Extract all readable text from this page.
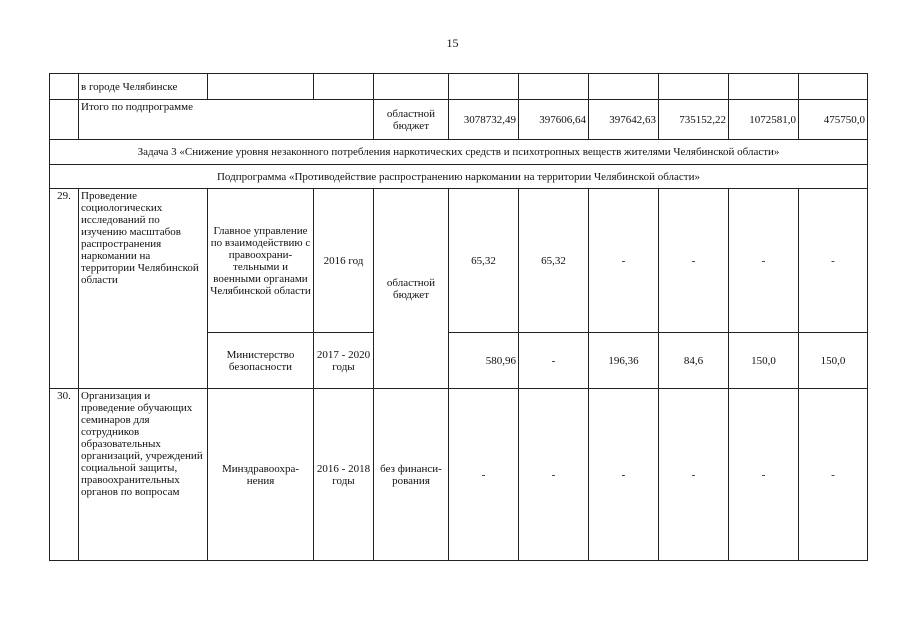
15
	в городе Челябинске									
	Итого по подпрограмме			областной бюджет	3078732,49	397606,64	397642,63	735152,22	1072581,0	475750,0
Задача 3 «Снижение уровня незаконного потребления наркотических средств и психотропных веществ жителями Челябинской области»										
Подпрограмма «Противодействие распространению наркомании на территории Челябинской области»										
29.	Проведение социологических исследований по изучению масштабов распространения наркомании на территории Челябинской области	Главное управление по взаимодействию с правоохрани-тельными и военными органами Челябинской области	2016 год	областной бюджет	65,32	65,32	-	-	-	-
		Министерство безопасности	2017 - 2020 годы		580,96	-	196,36	84,6	150,0	150,0
30.	Организация и проведение обучающих семинаров для сотрудников образовательных организаций, учреждений социальной защиты, правоохранительных органов по вопросам	Минздравоохра-нения	2016 - 2018 годы	без финанси-рования	-	-	-	-	-	-
